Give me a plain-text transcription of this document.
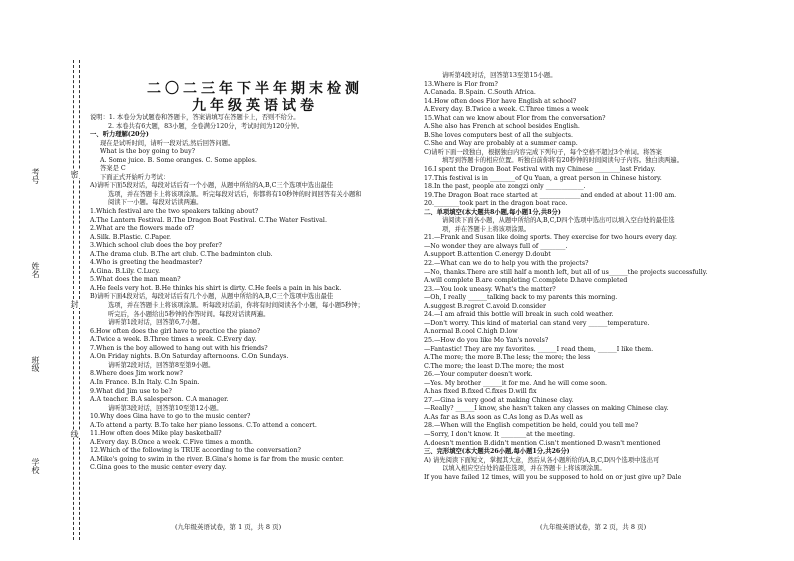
考号
姓名
班级
学校
密
封
线
二〇二三年下半年期末检测
九年级英语试卷

说明：1. 本卷分为试题卷和答题卡，答案请填写在答题卡上，否则不给分。

2. 本卷共有6大题，83小题，全卷满分120分，考试时间为120分钟。

一、听力理解(20分)

现在是试听时间，请听一段对话,然后回答问题。

What is the boy going to buy?

A. Some juice. B. Some oranges. C. Some apples.

答案是 C

下面正式开始听力考试：

A)请听下面5段对话，每段对话后有一个小题，从题中所给的A,B,C三个选项中选出最佳

选项，并在答题卡上将该项涂黑。听完每段对话后，你都将有10秒钟的时间回答有关小题和

阅读下一小题。每段对话读两遍。

1.Which festival are the two speakers talking about?

A.The Lantern Festival. B.The Dragon Boat Festival. C.The Water Festival.

2.What are the flowers made of?

A.Silk. B.Plastic. C.Paper.

3.Which school club does the boy prefer?

A.The drama club. B.The art club. C.The badminton club.

4.Who is greeting the headmaster?

A.Gina. B.Lily. C.Lucy.

5.What does the man mean?

A.He feels very hot. B.He thinks his shirt is dirty. C.He feels a pain in his back.

B)请听下面4段对话，每段对话后有几个小题，从题中所给的A,B,C三个选项中选出最佳

选项，并在答题卡上将该项涂黑。听每段对话前，你将有时间阅读各个小题，每小题5秒钟；

听完后，各小题给出5秒钟的作答时间。每段对话读两遍。

请听第1段对话，回答第6,7小题。

6.How often does the girl have to practice the piano?

A.Twice a week. B.Three times a week. C.Every day.

7.When is the boy allowed to hang out with his friends?

A.On Friday nights. B.On Saturday afternoons. C.On Sundays.

请听第2段对话，回答第8至第9小题。

8.Where does Jim work now?

A.In France. B.In Italy. C.In Spain.

9.What did Jim use to be?

A.A teacher. B.A salesperson. C.A manager.

请听第3段对话，回答第10至第12小题。

10.Why does Gina have to go to the music center?

A.To attend a party. B.To take her piano lessons. C.To attend a concert.

11.How often does Mike play basketball?

A.Every day. B.Once a week. C.Five times a month.

12.Which of the following is TRUE according to the conversation?

A.Mike's going to swim in the river. B.Gina's home is far from the music center.

C.Gina goes to the music center every day.

请听第4段对话，回答第13至第15小题。

13.Where is Flor from?

A.Canada. B.Spain. C.South Africa.

14.How often does Flor have English at school?

A.Every day. B.Twice a week. C.Three times a week

15.What can we know about Flor from the conversation?

A.She also has French at school besides English.

B.She loves computers best of all the subjects.

C.She and Way are probably at a summer camp.

C)请听下面一段独白，根据独白内容完成下列句子，每个空格不超过3个单词。将答案

填写到答题卡的相应位置。听独白前你将有20秒钟的时间阅读句子内容。独白读两遍。

16.I spent the Dragon Boat Festival with my Chinese ________last Friday.

17.This festival is in ________of Qu Yuan, a great person in Chinese history.

18.In the past, people ate zongzi only ____________.

19.The Dragon Boat race started at _____________and ended at about 11:00 am.

20.________took part in the dragon boat race.

二、单项填空(本大题共8小题,每小题1分,共8分)

请阅读下面各小题，从题中所给的A,B,C,D四个选项中选出可以填入空白处的最佳选

项，并在答题卡上将该项涂黑。

21.—Frank and Susan like doing sports. They exercise for two hours every day.

—No wonder they are always full of ________.

A.support B.attention C.energy D.doubt

22.—What can we do to help you with the projects?

—No, thanks.There are still half a month left, but all of us______the projects successfully.

A.will complete B.are completing C.complete D.have completed

23.—You look uneasy. What's the matter?

—Oh, I really ______talking back to my parents this morning.

A.suggest B.regret C.avoid D.consider

24.—I am afraid this bottle will break in such cold weather.

—Don't worry. This kind of material can stand very ______temperature.

A.normal B.cool C.high D.low

25.—How do you like Mo Yan's novels?

—Fantastic! They are my favorites. ______I read them, ______I like them.

A.The more; the more B.The less; the more; the less

C.The more; the least D.The more; the most

26.—Your computer doesn't work.

—Yes. My brother ______it for me. And he will come soon.

A.has fixed B.fixed C.fixes D.will fix

27.—Gina is very good at making Chinese clay.

—Really? ______I know, she hasn't taken any classes on making Chinese clay.

A.As far as B.As soon as C.As long as D.As well as

28.—When will the English competition be held, could you tell me?

—Sorry, I don't know. It ________at the meeting.

A.doesn't mention B.didn't mention C.isn't mentioned D.wasn't mentioned

三、完形填空(本大题共26小题,每小题1分,共26分)

A) 请先阅读下面短文，掌握其大意，然后从各小题所给的A,B,C,D四个选项中选出可

以填入相应空白处的最佳选项，并在答题卡上将该项涂黑。

If you have failed 12 times, will you be supposed to hold on or just give up? Dale

(九年级英语试卷，第 1 页，共 8 页)	(九年级英语试卷，第 2 页，共 8 页)
